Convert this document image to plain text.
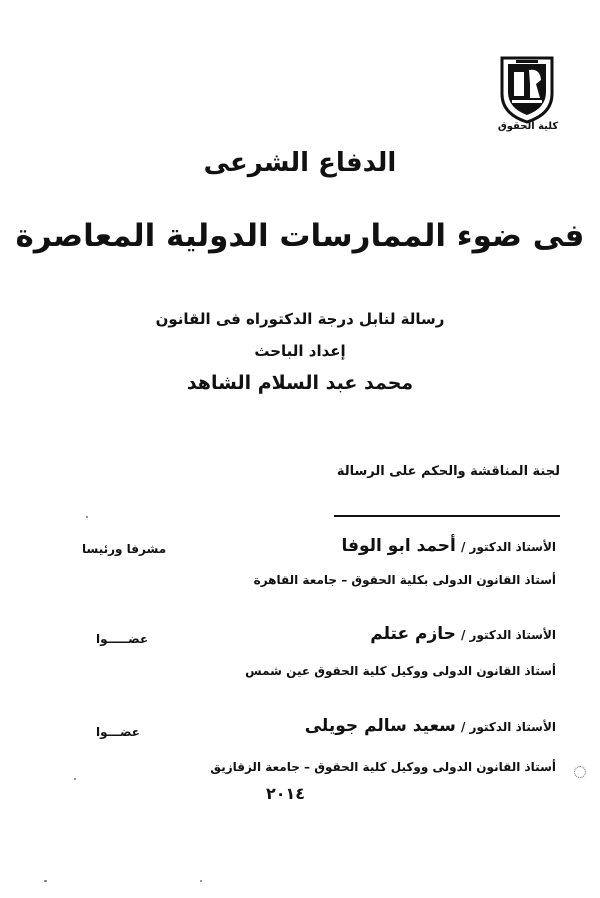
كلية الحقوق
الدفاع الشرعى
فى ضوء الممارسات الدولية المعاصرة
رسالة لنابل درجة الدكتوراه فى القانون
إعداد الباحث
محمد عبد السلام الشاهد
لجنة المناقشة والحكم على الرسالة
الأستاذ الدكتور / أحمد ابو الوفا
مشرفا ورئيسا
أستاذ القانون الدولى بكلية الحقوق – جامعة القاهرة
الأستاذ الدكتور / حازم عتلم
عضـــــوا
أستاذ القانون الدولى ووكيل كلية الحقوق عين شمس
الأستاذ الدكتور / سعيد سالم جويلى
عضـــوا
أستاذ القانون الدولى ووكيل كلية الحقوق – جامعة الزقازيق
٢٠١٤
